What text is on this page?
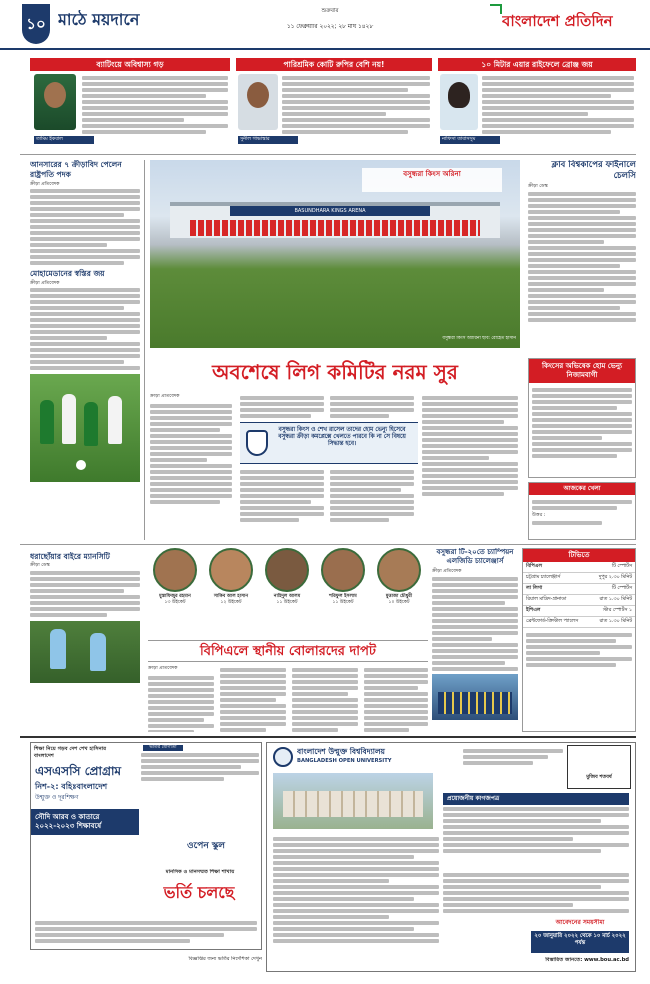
১০ মাঠে ময়দানে	শুক্রবার
১১ ফেব্রুয়ারি ২০২২; ২৮ মাঘ ১৪২৮	বাংলাদেশ প্রতিদিন
ব্যাটিংয়ে অবিশ্বাস্য গড়
তামিম ইকবাল
পারিশ্রমিক কোটি রুপির বেশি নয়!
সুনীল গাভাস্কার
১০ মিটার এয়ার রাইফেলে ব্রোঞ্জ জয়
নাফিসা তাবাসসুম
আনসারের ৭ ক্রীড়াবিদ পেলেন রাষ্ট্রপতি পদক
ক্রীড়া প্রতিবেদক
মোহামেডানের স্বস্তির জয়
ক্রীড়া প্রতিবেদক
ধরাছোঁয়ার বাইরে ম্যানসিটি
ক্রীড়া ডেস্ক
BASUNDHARA KINGS ARENA
বসুন্ধরা কিংস অরিনা
বসুন্ধরা কিংস অ্যারিনা ছবি: রোহেত হাসান
ক্লাব বিশ্বকাপের ফাইনালে চেলসি
ক্রীড়া ডেস্ক
অবশেষে লিগ কমিটির নরম সুর
ক্রীড়া প্রতিবেদক
বসুন্ধরা কিংস ও শেখ রাসেল তাদের হোম ভেন্যু হিসেবে বসুন্ধরা ক্রীড়া কমপ্লেক্সে খেলতে পারবে কি না সে বিষয়ে সিদ্ধান্ত হবে।
কিংসের অভিষেক হোম ভেন্যু নিজামবাগী
আজকের খেলা
উত্তর :
মুস্তাফিজুর রহমান
১৩ উইকেট
সাকিব আল হাসান
১২ উইকেট
নাহিদুল আলম
১১ উইকেট
শরিফুল ইসলাম
১১ উইকেট
মুত্তাজা চৌধুরী
১০ উইকেট
বিপিএলে স্থানীয় বোলারদের দাপট
ক্রীড়া প্রতিবেদক
বসুন্ধরা টি-২০তে চ্যাম্পিয়ন এলজিডি চ্যালেঞ্জার্স
ক্রীড়া প্রতিবেদক
টিভিতে
বিপিএল	টি স্পোর্টস
চট্টগ্রাম চ্যালেঞ্জার্স	দুপুর ২.৩০ মিনিট
লা লিগা	টি স্পোর্টস
রিয়াল মাদ্রিদ-গ্রানাডা	রাত ১.৩০ মিনিট
ইপিএল	স্টার স্পোর্টস ১
ব্রেন্টফোর্ড-ক্রিস্টাল প্যালেস	রাত ১.৩০ মিনিট
শিক্ষা নিয়ে গড়ব দেশ শেখ হাসিনার বাংলাদেশ
এসএসসি প্রোগ্রাম
নিশ-২: বহিঃবাংলাদেশ
উন্মুক্ত ও দূরশিক্ষণ
সৌদি আরব ও কাতারে ২০২২-২০২৩ শিক্ষাবর্ষে
ভর্তি চলছে
মানসিক ও মানসম্মত শিক্ষা শাখায়
ওপেন স্কুল
ভর্তির যোগ্যতা	বাংলাদেশ উন্মুক্ত বিশ্ববিদ্যালয়
BANGLADESH OPEN UNIVERSITY
মুজিব শতবর্ষ
প্রয়োজনীয় কাগজপত্র
আবেদনের সময়সীমা
২০ জানুয়ারি ২০২২ থেকে ১০ মার্চ ২০২২ পর্যন্ত
বিস্তারিত জানতে: www.bou.ac.bd
বিজ্ঞপ্তির জন্য ভর্তির নির্দেশিকা দেখুন
